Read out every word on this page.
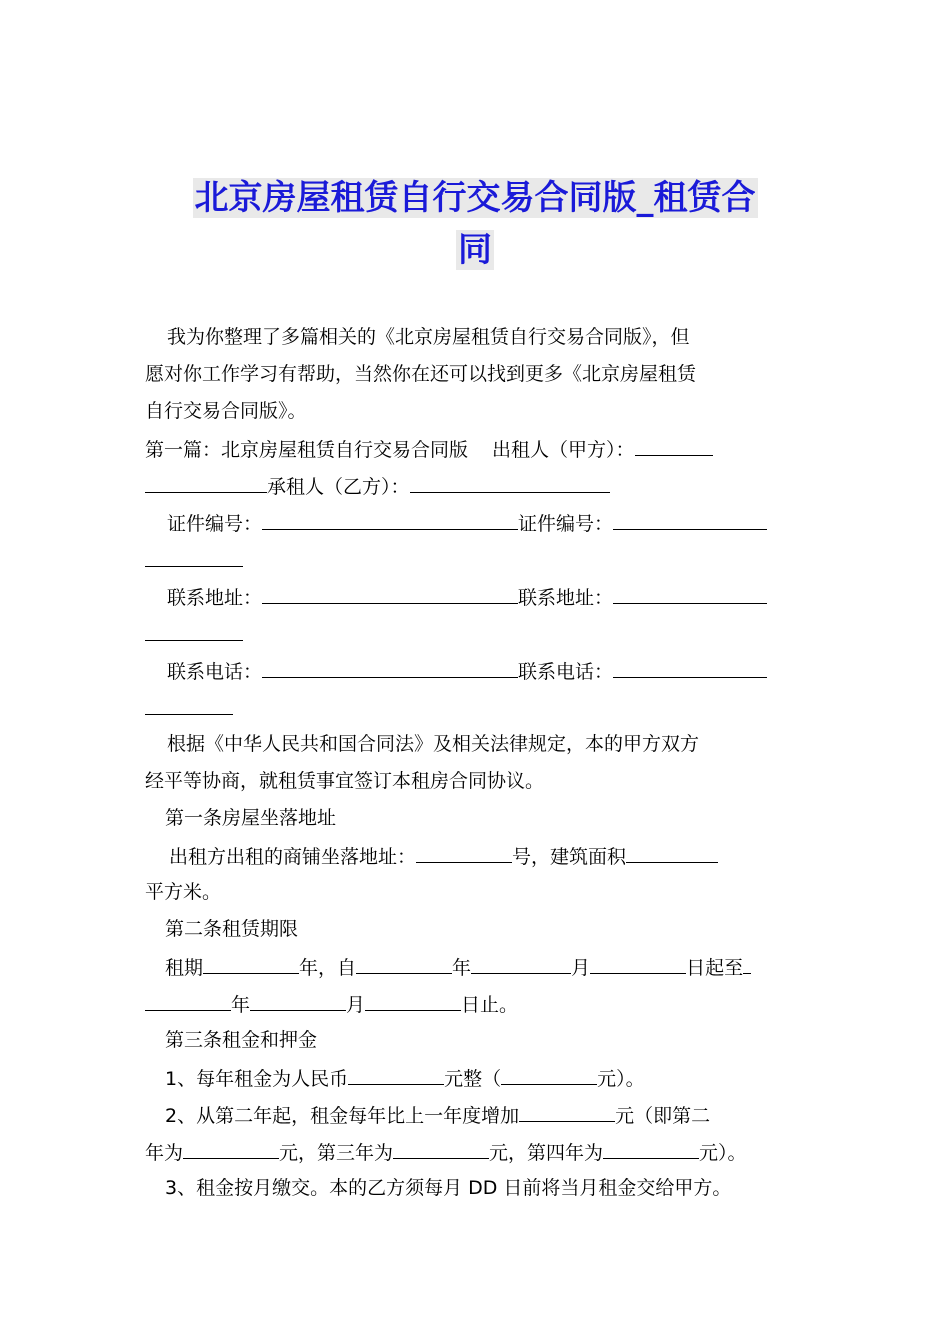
北京房屋租赁自行交易合同版_租赁合
同
我为你整理了多篇相关的《北京房屋租赁自行交易合同版》，但
愿对你工作学习有帮助，当然你在还可以找到更多《北京房屋租赁
自行交易合同版》。
第一篇：北京房屋租赁自行交易合同版 出租人（甲方）：
承租人（乙方）：
证件编号：	证件编号：
联系地址：	联系地址：
联系电话：	联系电话：
根据《中华人民共和国合同法》及相关法律规定，本的甲方双方
经平等协商，就租赁事宜签订本租房合同协议。
第一条房屋坐落地址
出租方出租的商铺坐落地址：	号，建筑面积
平方米。
第二条租赁期限
租期	年，自	年	月	日起至
年	月	日止。
第三条租金和押金
1、每年租金为人民币	元整（	元）。
2、从第二年起，租金每年比上一年度增加	元（即第二
年为	元，第三年为	元，第四年为	元）。
3、租金按月缴交。本的乙方须每月 DD 日前将当月租金交给甲方。
